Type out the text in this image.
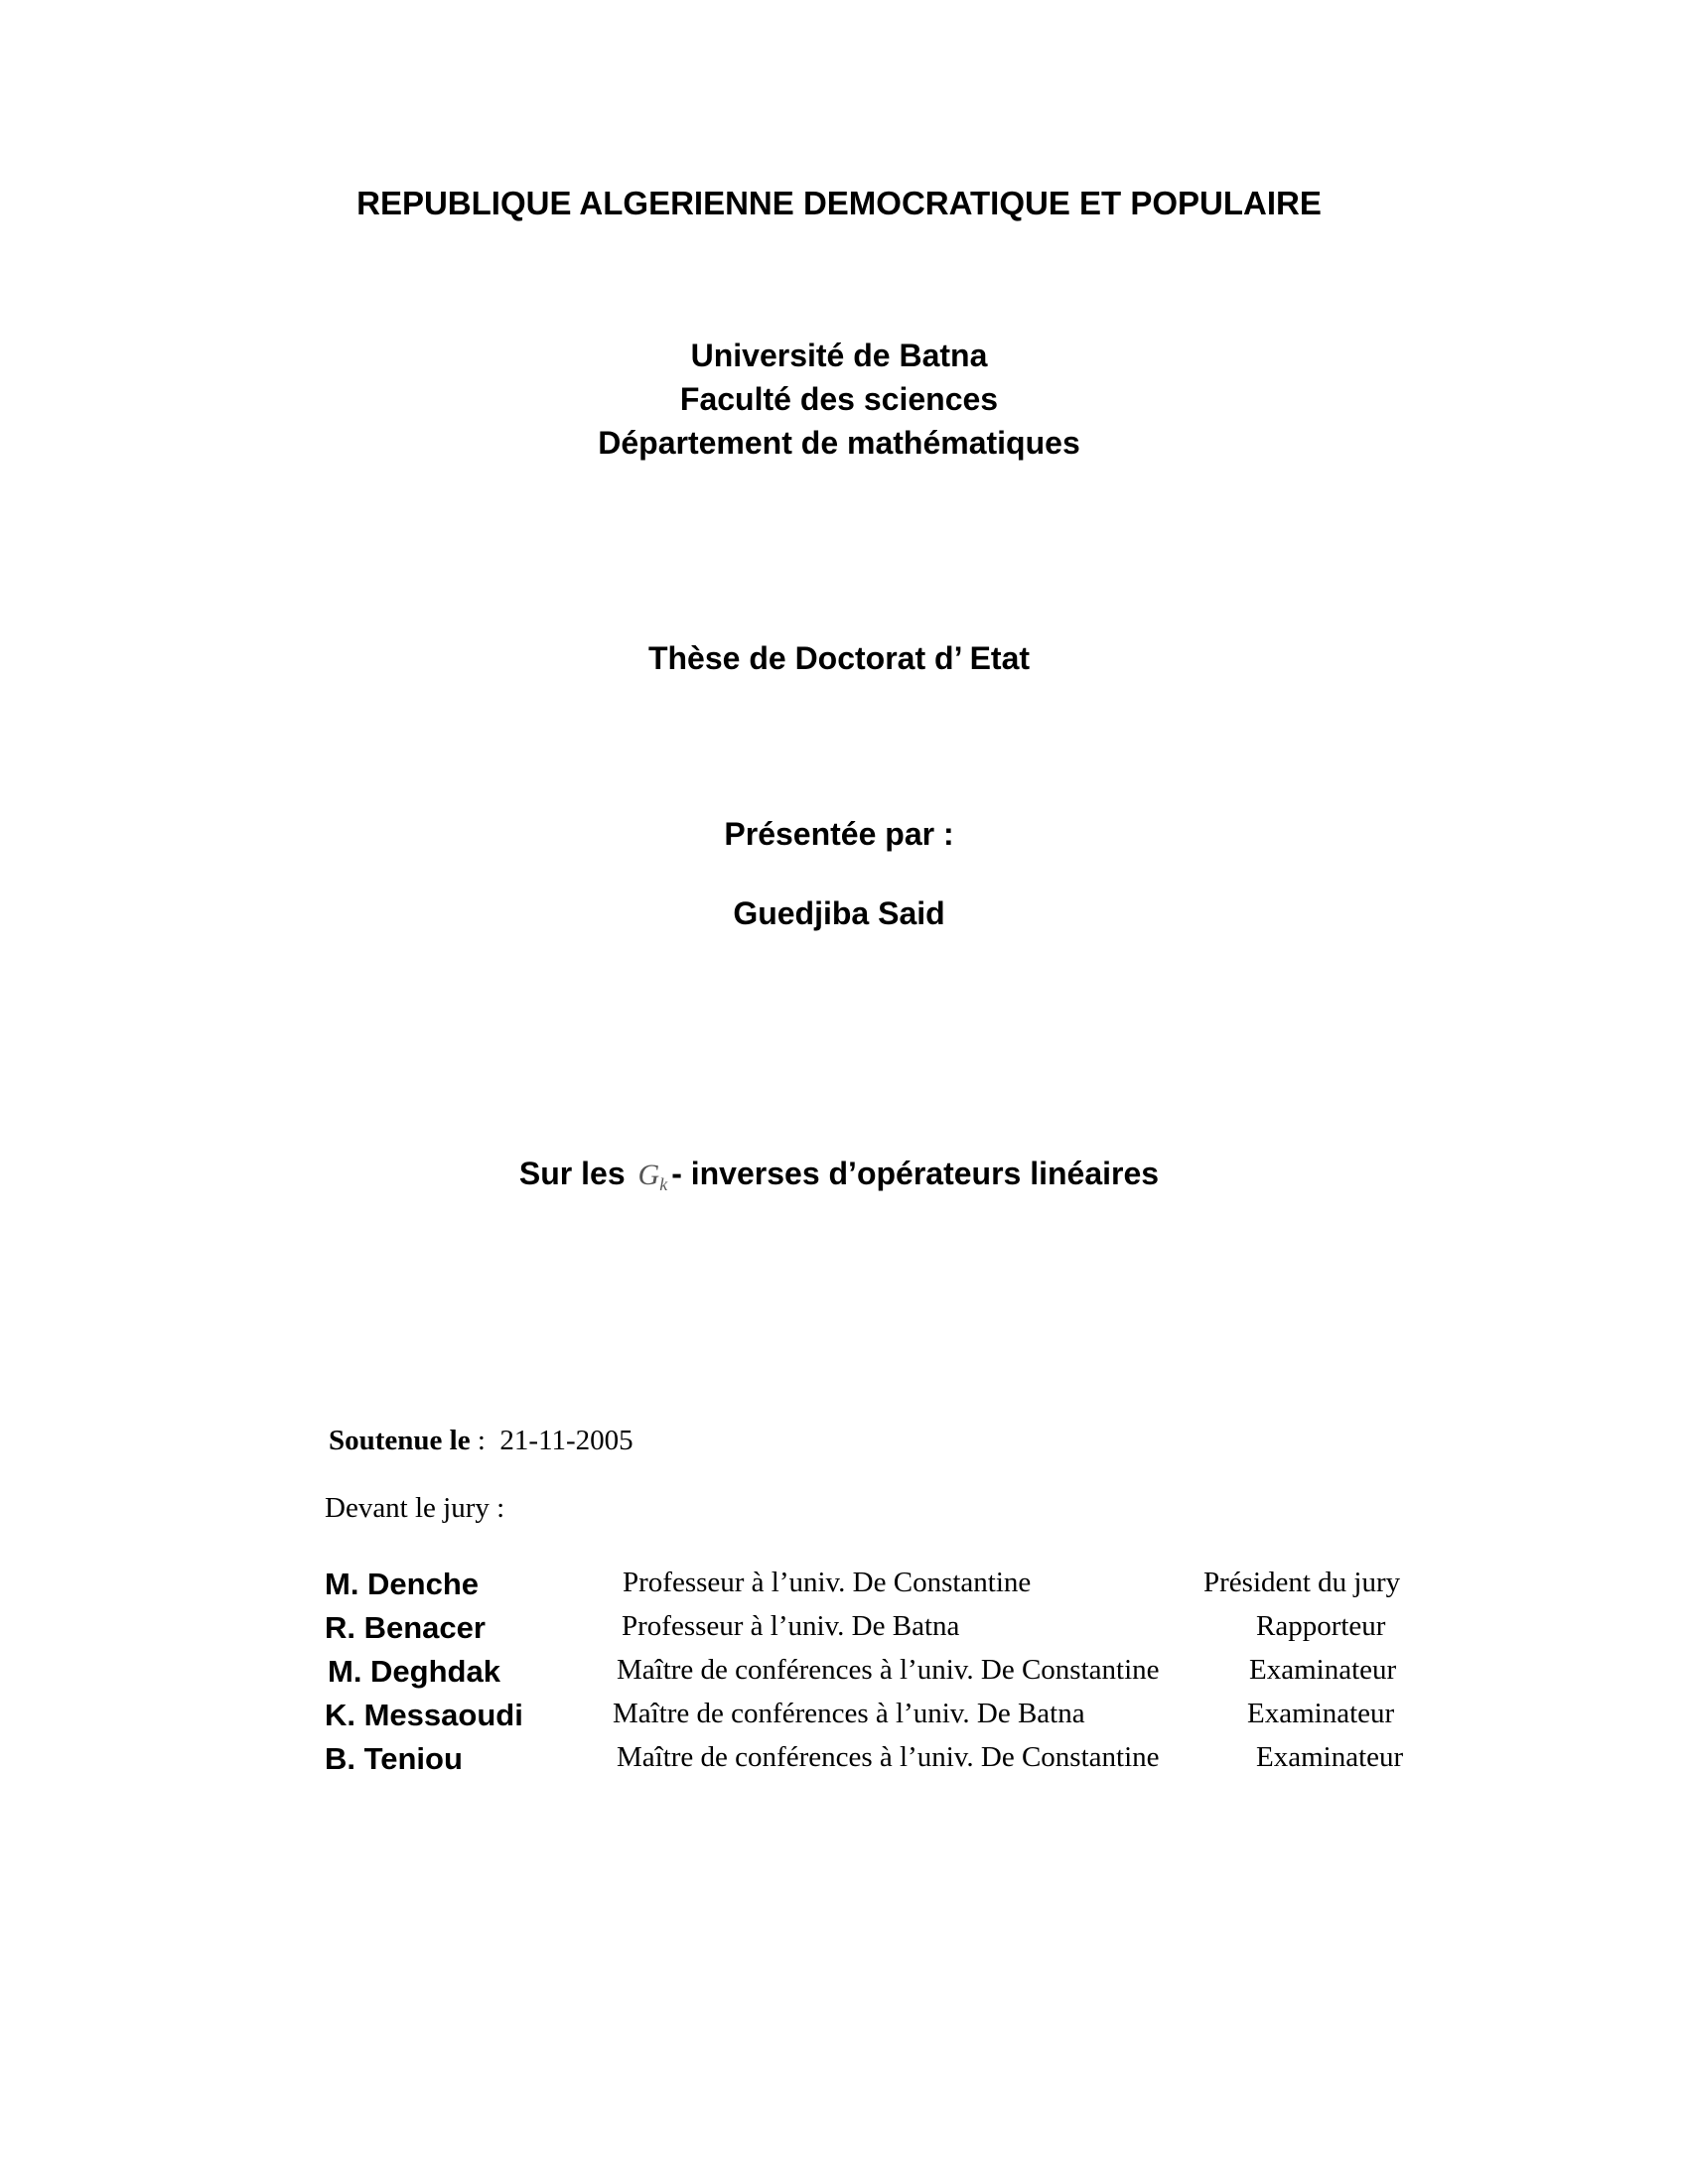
REPUBLIQUE ALGERIENNE DEMOCRATIQUE ET POPULAIRE
Université de Batna
Faculté des sciences
Département de mathématiques
Thèse de Doctorat d’ Etat
Présentée par :
Guedjiba Said
Sur les $G_k$ - inverses d’opérateurs linéaires
Soutenue le :  21-11-2005
Devant le jury :
M. Denche	Professeur à l’univ. De Constantine	Président du jury
R. Benacer	Professeur à l’univ. De Batna	Rapporteur
M. Deghdak	Maître de conférences à l’univ. De Constantine	Examinateur
K. Messaoudi	Maître de conférences à l’univ. De Batna	Examinateur
B. Teniou	Maître de conférences à l’univ. De Constantine	Examinateur
